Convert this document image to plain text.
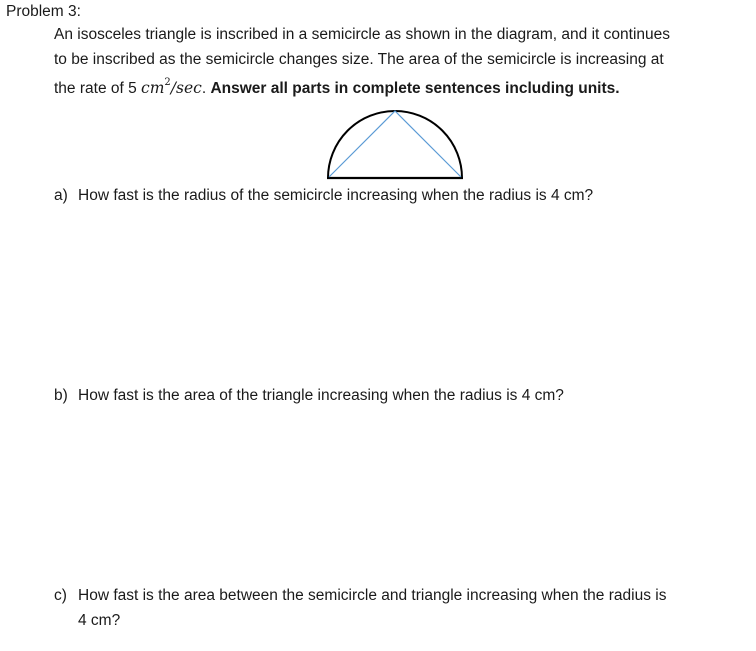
Problem 3:
An isosceles triangle is inscribed in a semicircle as shown in the diagram, and it continues
to be inscribed as the semicircle changes size. The area of the semicircle is increasing at
the rate of 5 $cm^2/\sec$. Answer all parts in complete sentences including units.
a) How fast is the radius of the semicircle increasing when the radius is 4 cm?
b) How fast is the area of the triangle increasing when the radius is 4 cm?
c) How fast is the area between the semicircle and triangle increasing when the radius is
4 cm?
